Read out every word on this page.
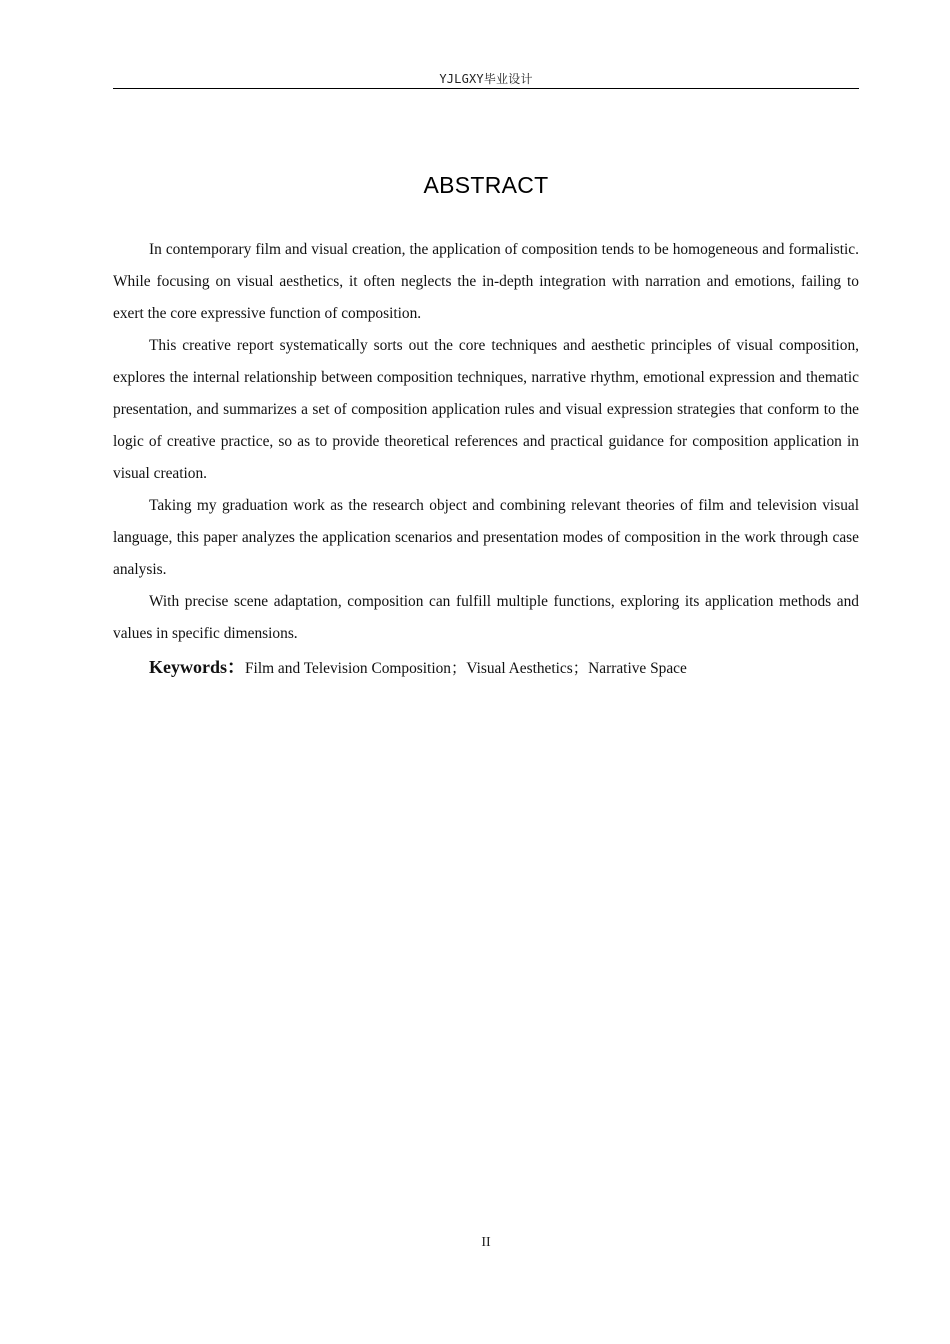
YJLGXY毕业设计
ABSTRACT

In contemporary film and visual creation, the application of composition tends to be homogeneous and formalistic. While focusing on visual aesthetics, it often neglects the in-depth integration with narration and emotions, failing to exert the core expressive function of composition.

This creative report systematically sorts out the core techniques and aesthetic principles of visual composition, explores the internal relationship between composition techniques, narrative rhythm, emotional expression and thematic presentation, and summarizes a set of composition application rules and visual expression strategies that conform to the logic of creative practice, so as to provide theoretical references and practical guidance for composition application in visual creation.

Taking my graduation work as the research object and combining relevant theories of film and television visual language, this paper analyzes the application scenarios and presentation modes of composition in the work through case analysis.

With precise scene adaptation, composition can fulfill multiple functions, exploring its application methods and values in specific dimensions.

Keywords：Film and Television Composition；Visual Aesthetics；Narrative Space

II
